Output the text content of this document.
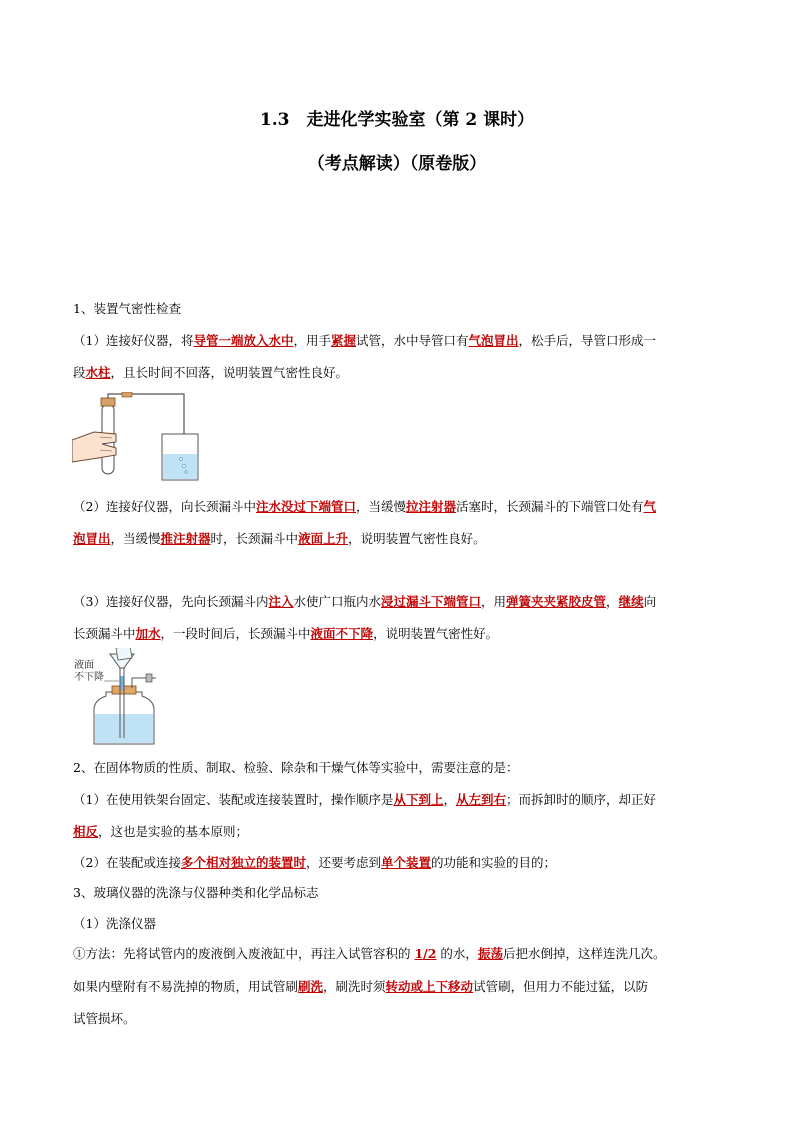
1.3　走进化学实验室（第 2 课时）
（考点解读）（原卷版）
1、装置气密性检查
（1）连接好仪器，将导管一端放入水中，用手紧握试管，水中导管口有气泡冒出，松手后，导管口形成一
段水柱，且长时间不回落，说明装置气密性良好。
（2）连接好仪器，向长颈漏斗中注水没过下端管口，当缓慢拉注射器活塞时，长颈漏斗的下端管口处有气
泡冒出，当缓慢推注射器时，长颈漏斗中液面上升，说明装置气密性良好。
（3）连接好仪器，先向长颈漏斗内注入水使广口瓶内水浸过漏斗下端管口，用弹簧夹夹紧胶皮管，继续向
长颈漏斗中加水，一段时间后，长颈漏斗中液面不下降，说明装置气密性好。
液面
不下降
2、在固体物质的性质、制取、检验、除杂和干燥气体等实验中，需要注意的是：
（1）在使用铁架台固定、装配或连接装置时，操作顺序是从下到上，从左到右；而拆卸时的顺序，却正好
相反，这也是实验的基本原则；
（2）在装配或连接多个相对独立的装置时，还要考虑到单个装置的功能和实验的目的；
3、玻璃仪器的洗涤与仪器种类和化学品标志
（1）洗涤仪器
①方法：先将试管内的废液倒入废液缸中，再注入试管容积的 1/2 的水，振荡后把水倒掉，这样连洗几次。
如果内壁附有不易洗掉的物质，用试管刷刷洗，刷洗时须转动或上下移动试管刷，但用力不能过猛，以防
试管损坏。
